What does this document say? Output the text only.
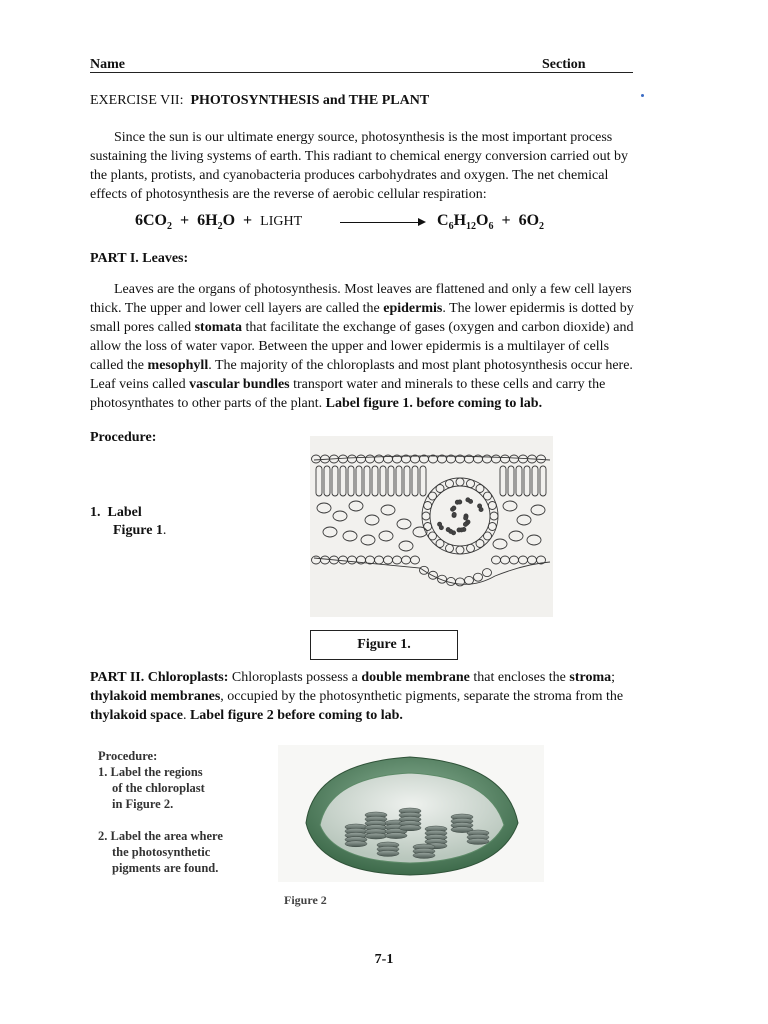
Name	Section
EXERCISE VII: PHOTOSYNTHESIS and THE PLANT

Since the sun is our ultimate energy source, photosynthesis is the most important process

sustaining the living systems of earth. This radiant to chemical energy conversion carried out by
the plants, protists, and cyanobacteria produces carbohydrates and oxygen. The net chemical
effects of photosynthesis are the reverse of aerobic cellular respiration:
$6CO_2 + 6H_2O$ + LIGHT	$C_6H_{12}O_6 + 6O_2$
PART I. Leaves:

Leaves are the organs of photosynthesis. Most leaves are flattened and only a few cell layers

thick. The upper and lower cell layers are called the epidermis. The lower epidermis is dotted by
small pores called stomata that facilitate the exchange of gases (oxygen and carbon dioxide) and
allow the loss of water vapor. Between the upper and lower epidermis is a multilayer of cells
called the mesophyll. The majority of the chloroplasts and most plant photosynthesis occur here.
Leaf veins called vascular bundles transport water and minerals to these cells and carry the
photosynthates to other parts of the plant. Label figure 1. before coming to lab.
Procedure:
1. Label
Figure 1.
Figure 1.
PART II. Chloroplasts: Chloroplasts possess a double membrane that encloses the stroma;
thylakoid membranes, occupied by the photosynthetic pigments, separate the stroma from the
thylakoid space. Label figure 2 before coming to lab.
Procedure:
1. Label the regions
of the chloroplast
in Figure 2.
2. Label the area where
the photosynthetic
pigments are found.
Figure 2
7-1
